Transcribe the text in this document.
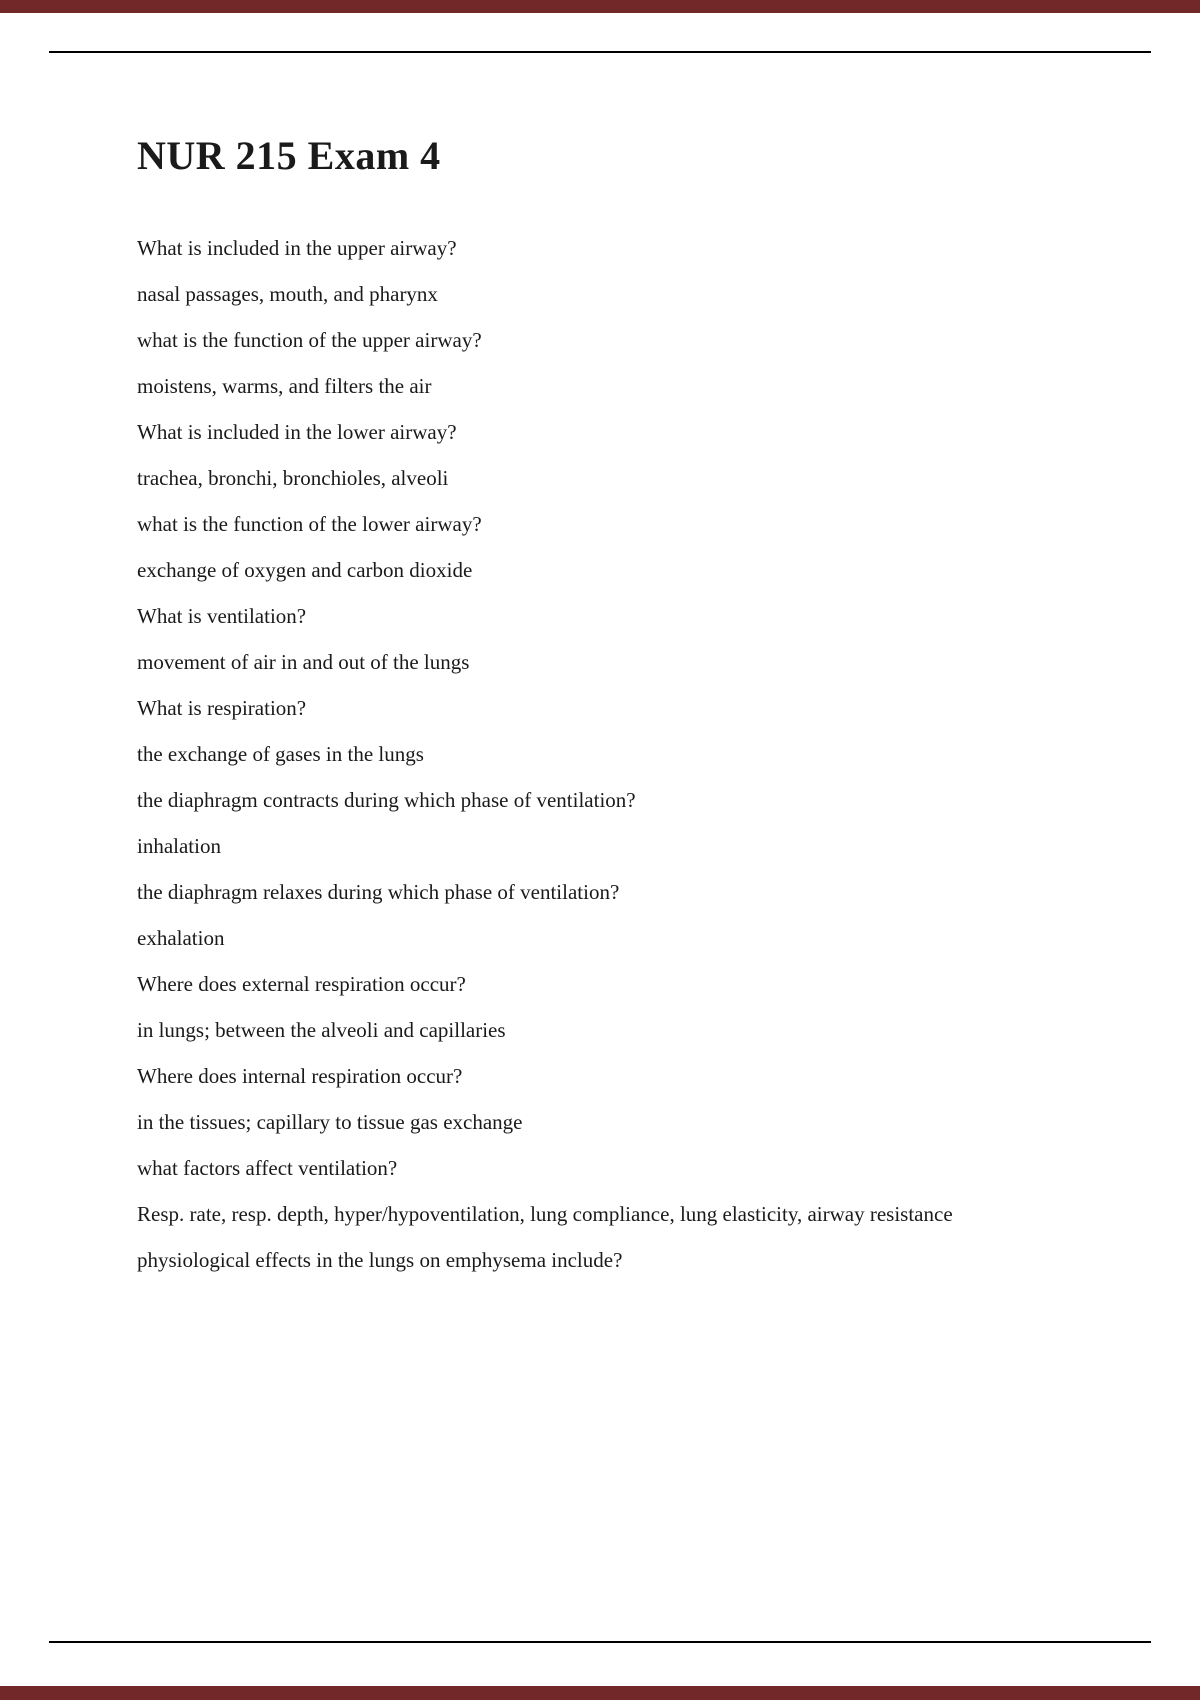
NUR 215 Exam 4

What is included in the upper airway?

nasal passages, mouth, and pharynx

what is the function of the upper airway?

moistens, warms, and filters the air

What is included in the lower airway?

trachea, bronchi, bronchioles, alveoli

what is the function of the lower airway?

exchange of oxygen and carbon dioxide

What is ventilation?

movement of air in and out of the lungs

What is respiration?

the exchange of gases in the lungs

the diaphragm contracts during which phase of ventilation?

inhalation

the diaphragm relaxes during which phase of ventilation?

exhalation

Where does external respiration occur?

in lungs; between the alveoli and capillaries

Where does internal respiration occur?

in the tissues; capillary to tissue gas exchange

what factors affect ventilation?

Resp. rate, resp. depth, hyper/hypoventilation, lung compliance, lung elasticity, airway resistance

physiological effects in the lungs on emphysema include?
